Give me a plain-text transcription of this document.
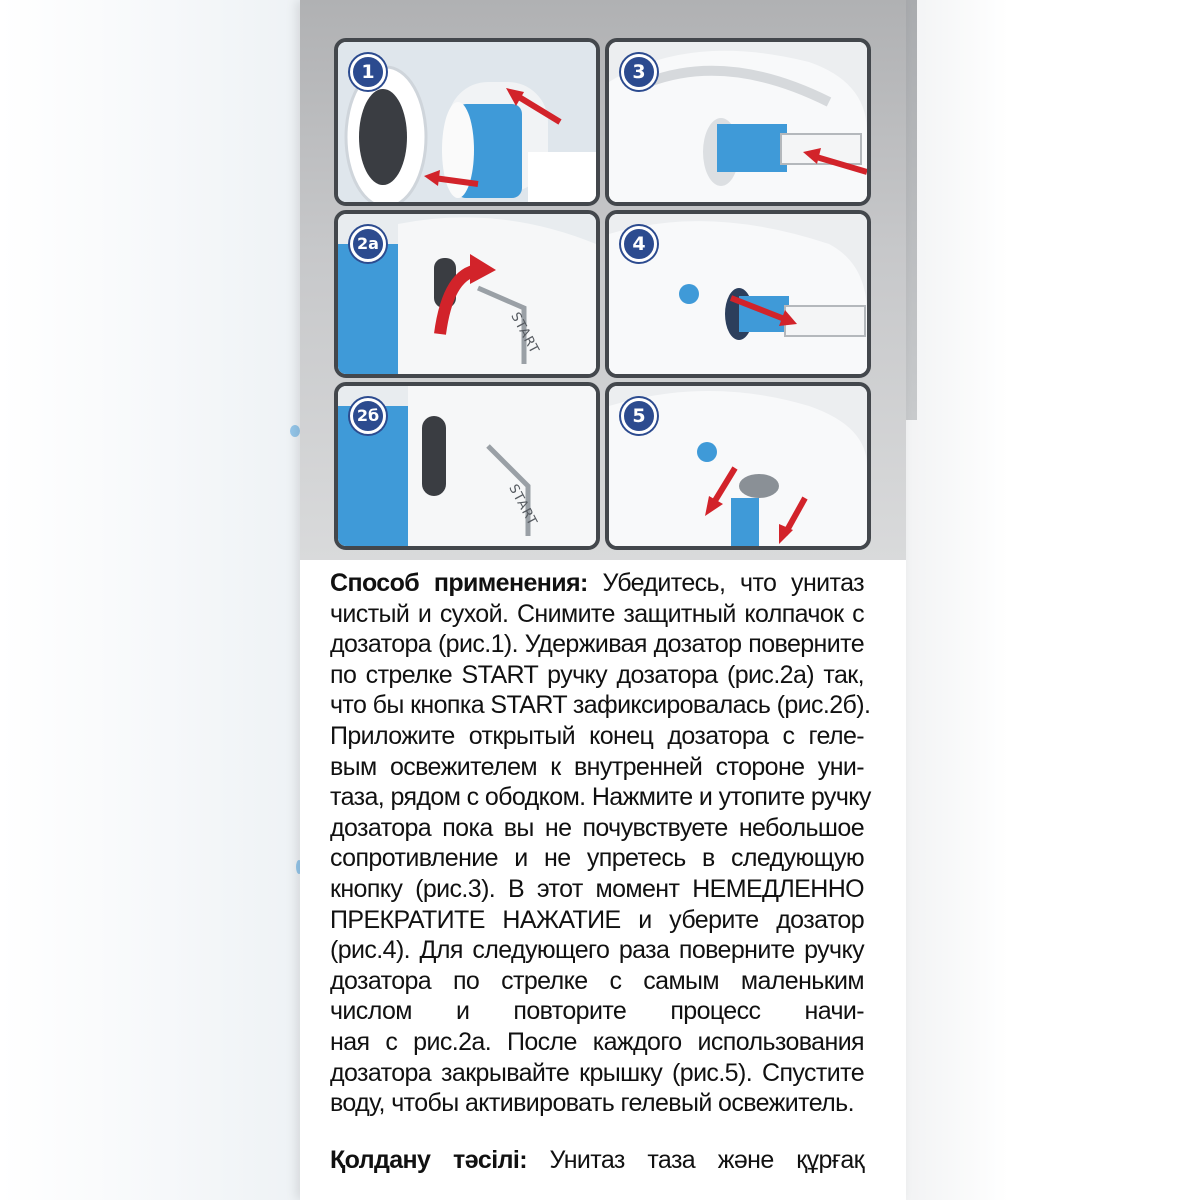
1	3
2а
START
4
2б
START
5
Способ применения: Убедитесь, что унитаз
чистый и сухой. Снимите защитный колпачок с
дозатора (рис.1). Удерживая дозатор поверните
по стрелке START ручку дозатора (рис.2а) так,
что бы кнопка START зафиксировалась (рис.2б).
Приложите открытый конец дозатора с геле-
вым освежителем к внутренней стороне уни-
таза, рядом с ободком. Нажмите и утопите ручку
дозатора пока вы не почувствуете небольшое
сопротивление и не упретесь в следующую
кнопку (рис.3). В этот момент НЕМЕДЛЕННО
ПРЕКРАТИТЕ НАЖАТИЕ и уберите дозатор
(рис.4). Для следующего раза поверните ручку
дозатора по стрелке с самым маленьким
числом и повторите процесс начи-
ная с рис.2а. После каждого использования
дозатора закрывайте крышку (рис.5). Спустите
воду, чтобы активировать гелевый освежитель.
Қолдану тәсілі: Унитаз таза және құрғақ
